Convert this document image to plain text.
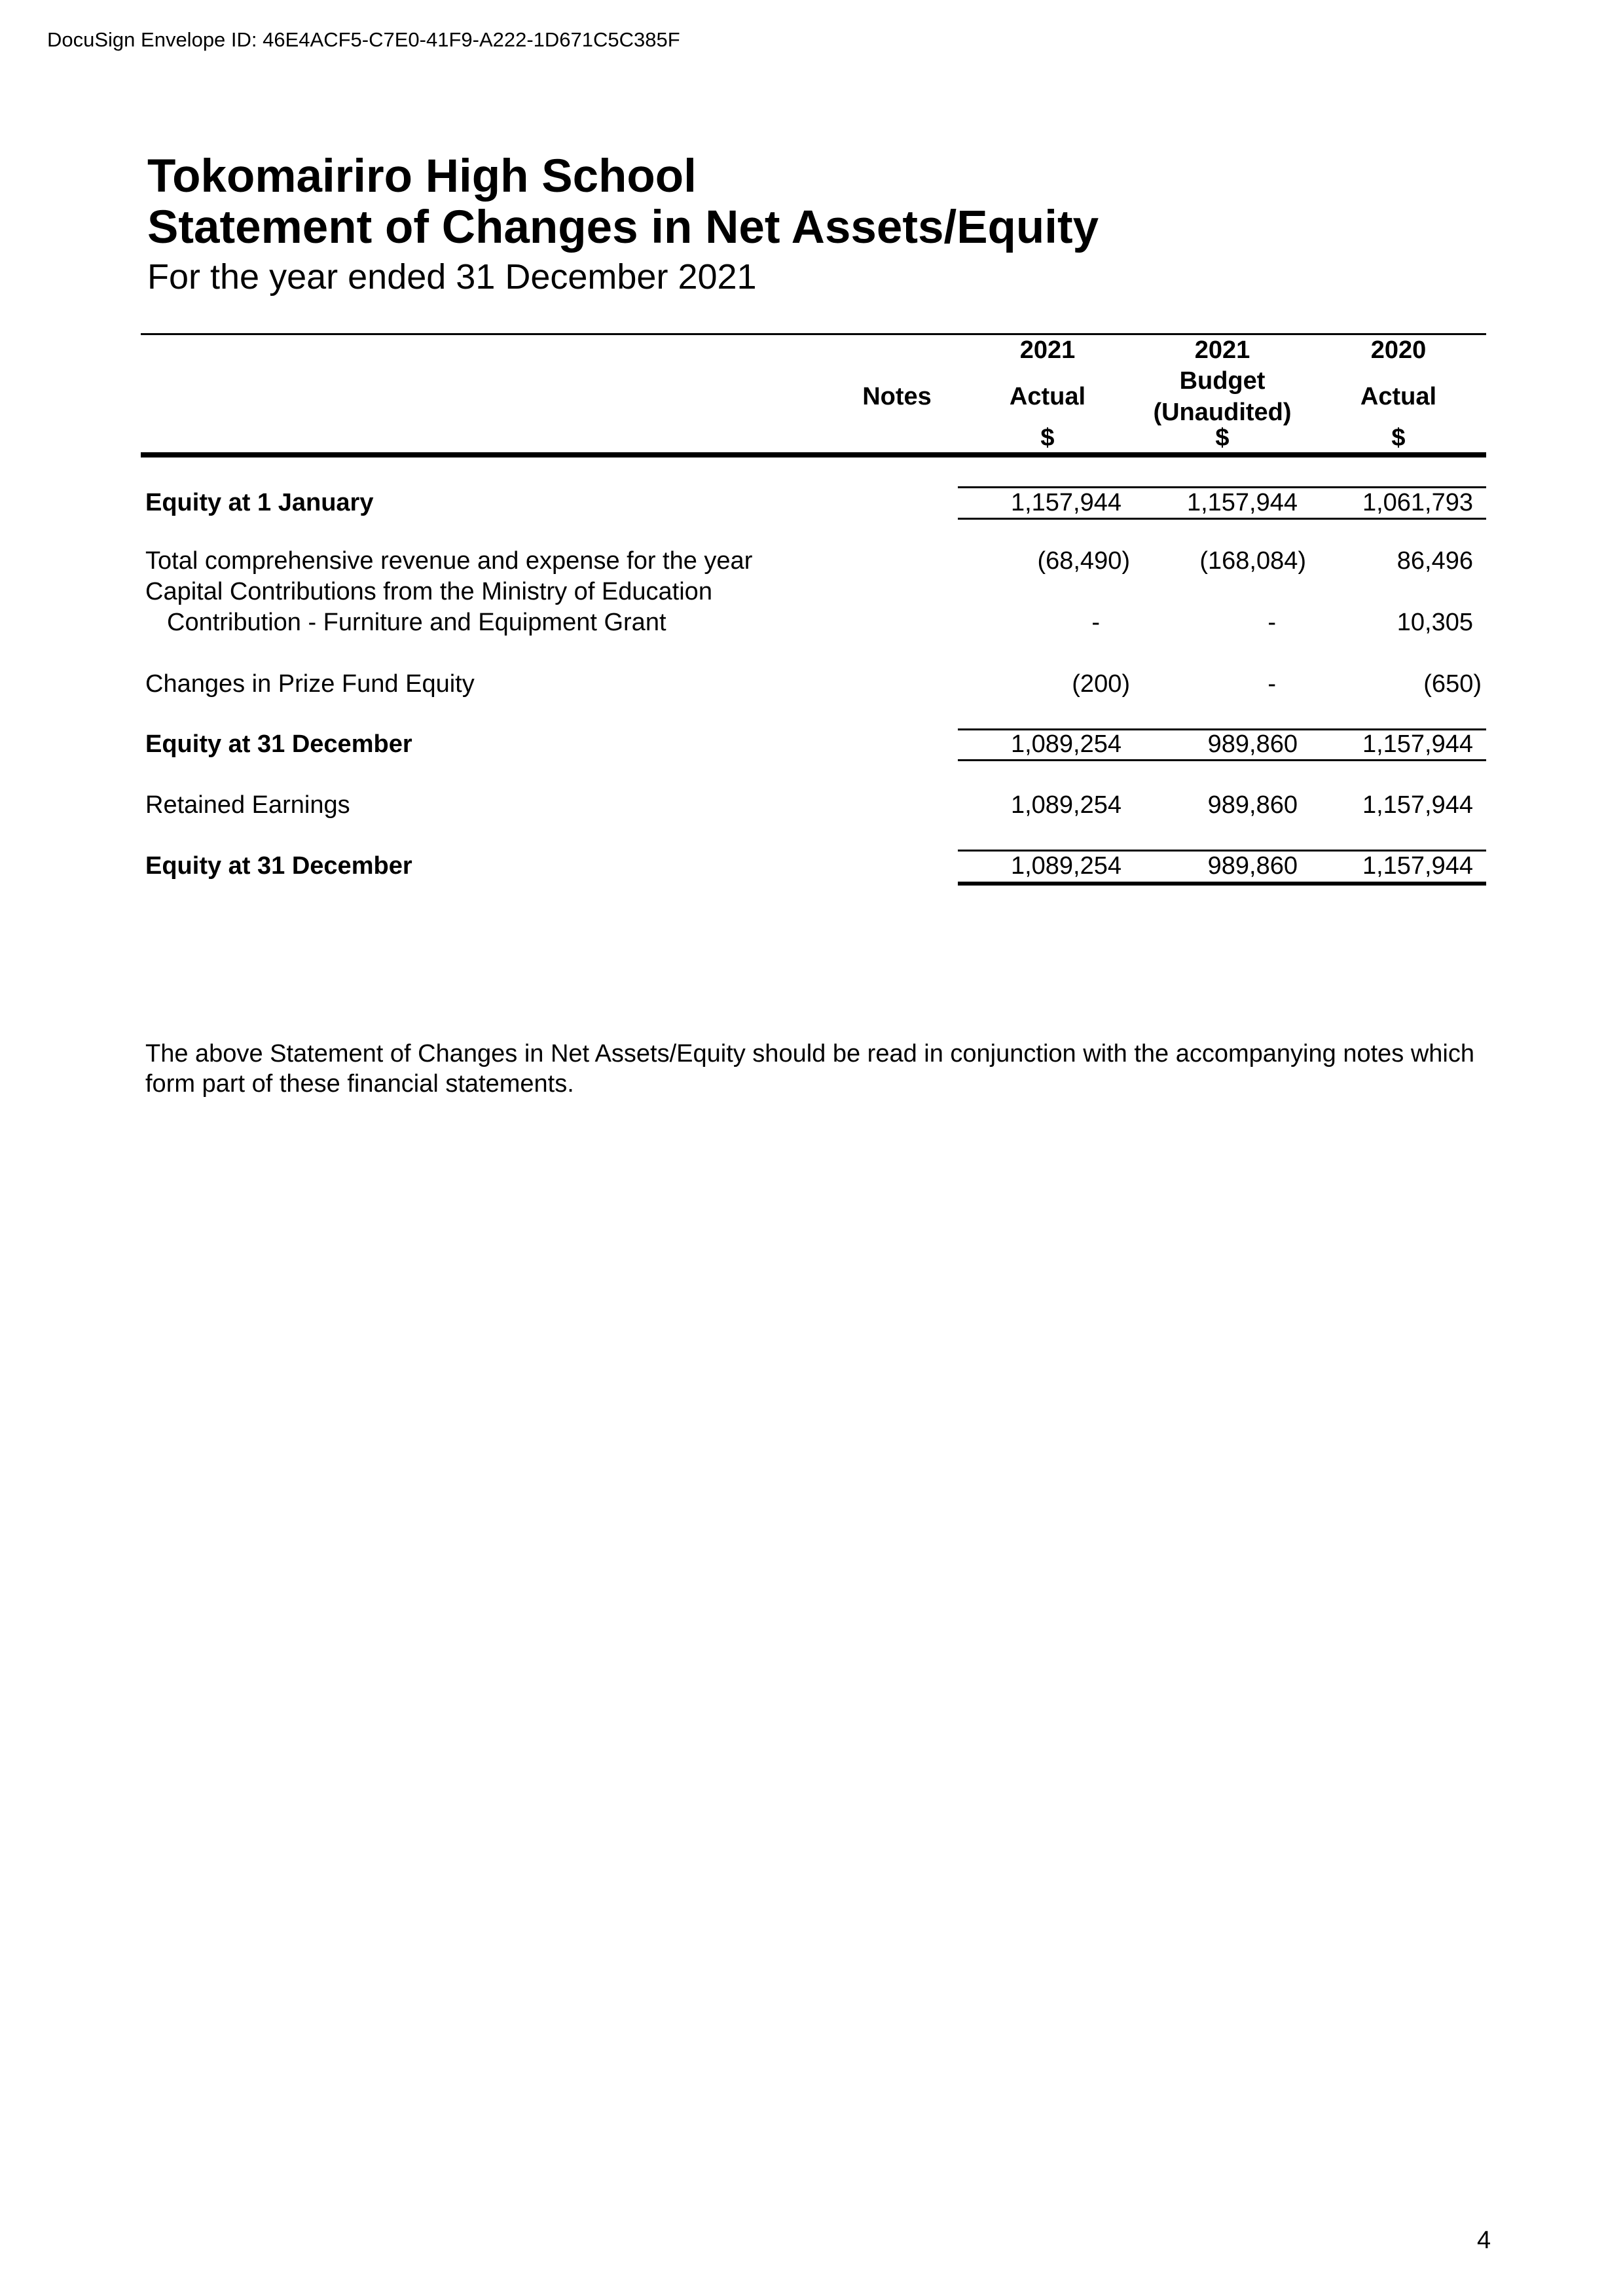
DocuSign Envelope ID: 46E4ACF5-C7E0-41F9-A222-1D671C5C385F
Tokomairiro High School
Statement of Changes in Net Assets/Equity
For the year ended 31 December 2021
2021	2021	2020
Budget
Notes	Actual	Actual
(Unaudited)
$	$	$
Equity at 1 January	1,157,944	1,157,944	1,061,793
Total comprehensive revenue and expense for the year	(68,490)	(168,084)	86,496
Capital Contributions from the Ministry of Education
Contribution - Furniture and Equipment Grant	-	-	10,305
Changes in Prize Fund Equity	(200)	-	(650)
Equity at 31 December	1,089,254	989,860	1,157,944
Retained Earnings	1,089,254	989,860	1,157,944
Equity at 31 December	1,089,254	989,860	1,157,944
The above Statement of Changes in Net Assets/Equity should be read in conjunction with the accompanying notes which form part of these financial statements.
4
